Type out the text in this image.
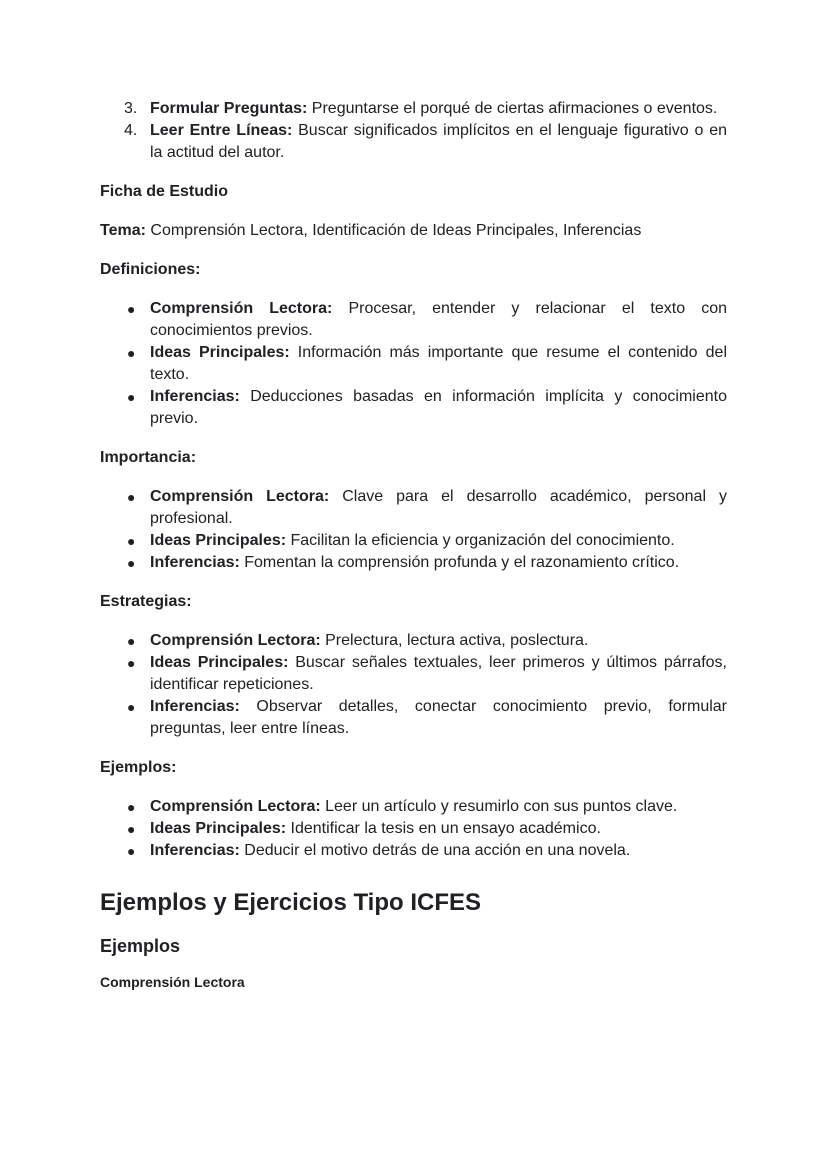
3. Formular Preguntas: Preguntarse el porqué de ciertas afirmaciones o eventos.
4. Leer Entre Líneas: Buscar significados implícitos en el lenguaje figurativo o en la actitud del autor.

Ficha de Estudio

Tema: Comprensión Lectora, Identificación de Ideas Principales, Inferencias

Definiciones:

● Comprensión Lectora: Procesar, entender y relacionar el texto con conocimientos previos.
● Ideas Principales: Información más importante que resume el contenido del texto.
● Inferencias: Deducciones basadas en información implícita y conocimiento previo.

Importancia:

● Comprensión Lectora: Clave para el desarrollo académico, personal y profesional.
● Ideas Principales: Facilitan la eficiencia y organización del conocimiento.
● Inferencias: Fomentan la comprensión profunda y el razonamiento crítico.

Estrategias:

● Comprensión Lectora: Prelectura, lectura activa, poslectura.
● Ideas Principales: Buscar señales textuales, leer primeros y últimos párrafos, identificar repeticiones.
● Inferencias: Observar detalles, conectar conocimiento previo, formular preguntas, leer entre líneas.

Ejemplos:

● Comprensión Lectora: Leer un artículo y resumirlo con sus puntos clave.
● Ideas Principales: Identificar la tesis en un ensayo académico.
● Inferencias: Deducir el motivo detrás de una acción en una novela.
Ejemplos y Ejercicios Tipo ICFES
Ejemplos
Comprensión Lectora
